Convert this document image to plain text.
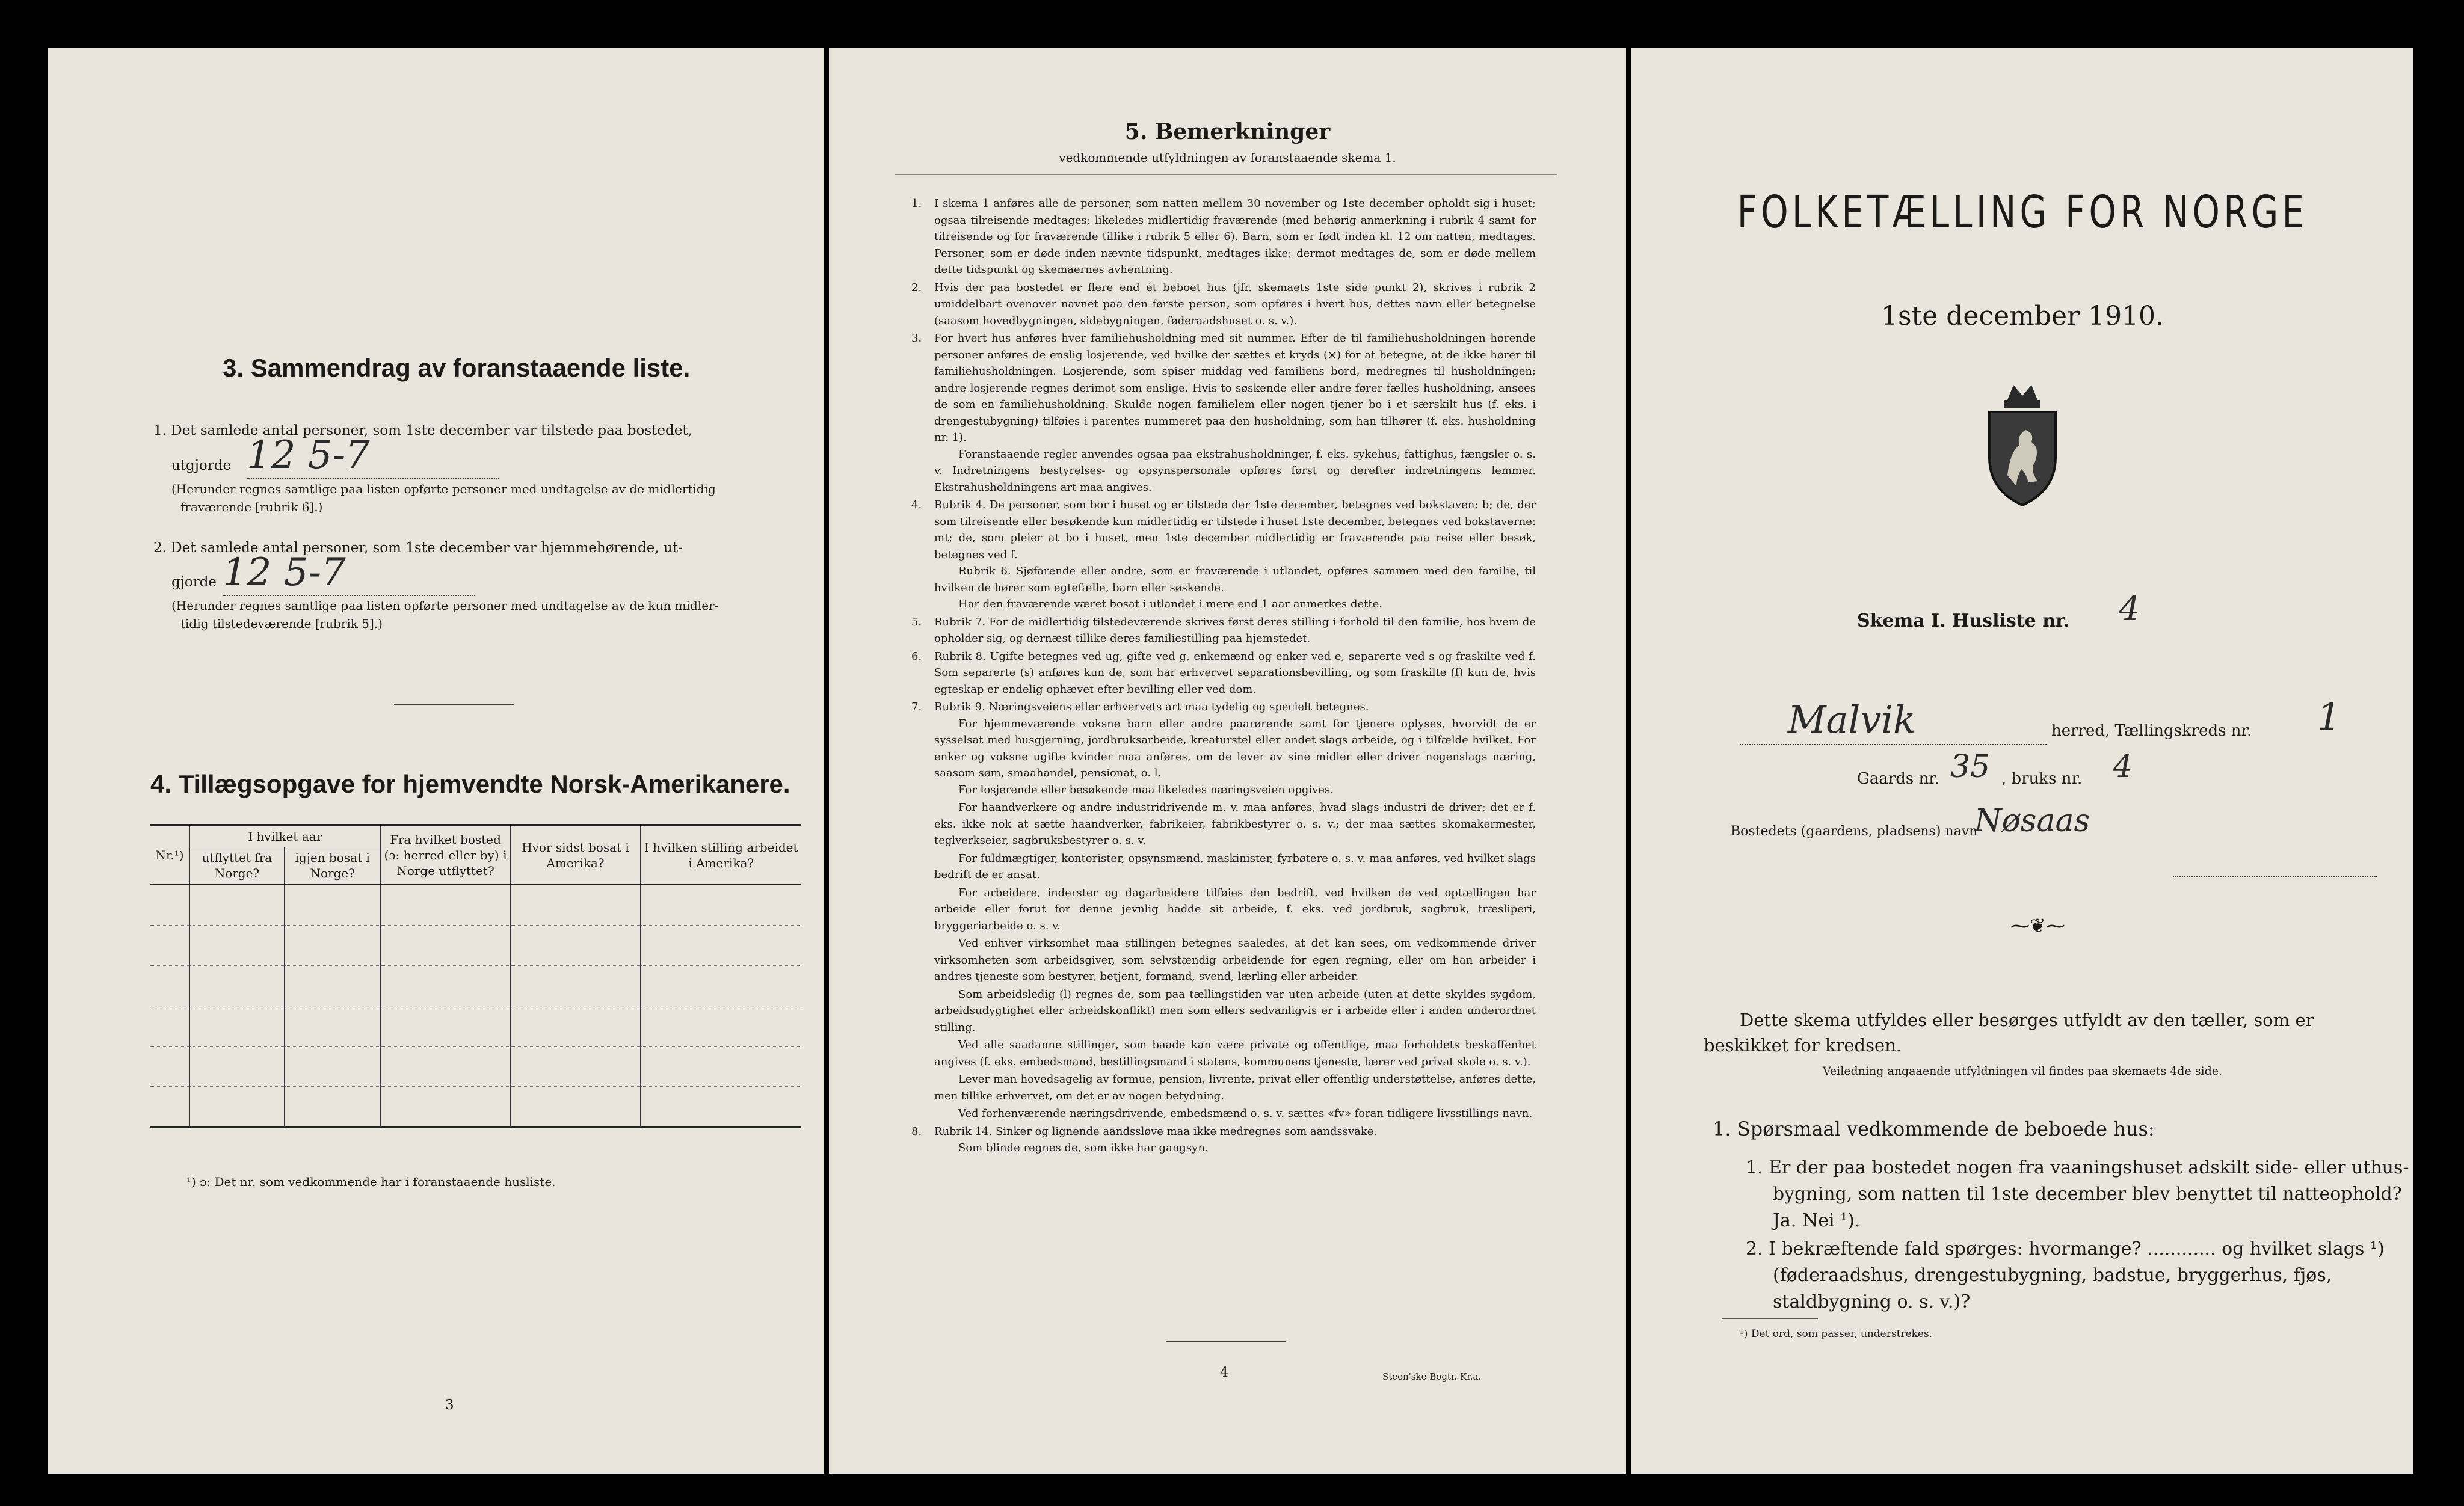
3. Sammendrag av foranstaaende liste.
1. Det samlede antal personer, som 1ste december var tilstede paa bostedet,
utgjorde 12 5-7
(Herunder regnes samtlige paa listen opførte personer med undtagelse av de midlertidig
fraværende [rubrik 6].)
2. Det samlede antal personer, som 1ste december var hjemmehørende, ut-
gjorde 12 5-7
(Herunder regnes samtlige paa listen opførte personer med undtagelse av de kun midler-
tidig tilstedeværende [rubrik 5].)
4. Tillægsopgave for hjemvendte Norsk-Amerikanere.
Nr.¹)	I hvilket aar		Fra hvilket bosted (ɔ: herred eller by) i Norge utflyttet?	Hvor sidst bosat i Amerika?	I hvilken stilling arbeidet i Amerika?
	utflyttet fra Norge?	igjen bosat i Norge?			

¹) ɔ: Det nr. som vedkommende har i foranstaaende husliste.
3
5. Bemerkninger
vedkommende utfyldningen av foranstaaende skema 1.
1. I skema 1 anføres alle de personer, som natten mellem 30 november og 1ste december opholdt sig i huset; ogsaa tilreisende medtages; likeledes midlertidig fraværende (med behørig anmerkning i rubrik 4 samt for tilreisende og for fraværende tillike i rubrik 5 eller 6). Barn, som er født inden kl. 12 om natten, medtages. Personer, som er døde inden nævnte tidspunkt, medtages ikke; dermot medtages de, som er døde mellem dette tidspunkt og skemaernes avhentning.

2. Hvis der paa bostedet er flere end ét beboet hus (jfr. skemaets 1ste side punkt 2), skrives i rubrik 2 umiddelbart ovenover navnet paa den første person, som opføres i hvert hus, dettes navn eller betegnelse (saasom hovedbygningen, sidebygningen, føderaadshuset o. s. v.).

3. For hvert hus anføres hver familiehusholdning med sit nummer. Efter de til familiehusholdningen hørende personer anføres de enslig losjerende, ved hvilke der sættes et kryds (×) for at betegne, at de ikke hører til familiehusholdningen. Losjerende, som spiser middag ved familiens bord, medregnes til husholdningen; andre losjerende regnes derimot som enslige. Hvis to søskende eller andre fører fælles husholdning, ansees de som en familiehusholdning. Skulde nogen familielem eller nogen tjener bo i et særskilt hus (f. eks. i drengestubygning) tilføies i parentes nummeret paa den husholdning, som han tilhører (f. eks. husholdning nr. 1).

Foranstaaende regler anvendes ogsaa paa ekstrahusholdninger, f. eks. sykehus, fattighus, fængsler o. s. v. Indretningens bestyrelses- og opsynspersonale opføres først og derefter indretningens lemmer. Ekstrahusholdningens art maa angives.

4. Rubrik 4. De personer, som bor i huset og er tilstede der 1ste december, betegnes ved bokstaven: b; de, der som tilreisende eller besøkende kun midlertidig er tilstede i huset 1ste december, betegnes ved bokstaverne: mt; de, som pleier at bo i huset, men 1ste december midlertidig er fraværende paa reise eller besøk, betegnes ved f.

Rubrik 6. Sjøfarende eller andre, som er fraværende i utlandet, opføres sammen med den familie, til hvilken de hører som egtefælle, barn eller søskende.

Har den fraværende været bosat i utlandet i mere end 1 aar anmerkes dette.

5. Rubrik 7. For de midlertidig tilstedeværende skrives først deres stilling i forhold til den familie, hos hvem de opholder sig, og dernæst tillike deres familiestilling paa hjemstedet.

6. Rubrik 8. Ugifte betegnes ved ug, gifte ved g, enkemænd og enker ved e, separerte ved s og fraskilte ved f. Som separerte (s) anføres kun de, som har erhvervet separationsbevilling, og som fraskilte (f) kun de, hvis egteskap er endelig ophævet efter bevilling eller ved dom.

7. Rubrik 9. Næringsveiens eller erhvervets art maa tydelig og specielt betegnes.

For hjemmeværende voksne barn eller andre paarørende samt for tjenere oplyses, hvorvidt de er sysselsat med husgjerning, jordbruksarbeide, kreaturstel eller andet slags arbeide, og i tilfælde hvilket. For enker og voksne ugifte kvinder maa anføres, om de lever av sine midler eller driver nogenslags næring, saasom søm, smaahandel, pensionat, o. l.

For losjerende eller besøkende maa likeledes næringsveien opgives.

For haandverkere og andre industridrivende m. v. maa anføres, hvad slags industri de driver; det er f. eks. ikke nok at sætte haandverker, fabrikeier, fabrikbestyrer o. s. v.; der maa sættes skomakermester, teglverkseier, sagbruksbestyrer o. s. v.

For fuldmægtiger, kontorister, opsynsmænd, maskinister, fyrbøtere o. s. v. maa anføres, ved hvilket slags bedrift de er ansat.

For arbeidere, inderster og dagarbeidere tilføies den bedrift, ved hvilken de ved optællingen har arbeide eller forut for denne jevnlig hadde sit arbeide, f. eks. ved jordbruk, sagbruk, træsliperi, bryggeriarbeide o. s. v.

Ved enhver virksomhet maa stillingen betegnes saaledes, at det kan sees, om vedkommende driver virksomheten som arbeidsgiver, som selvstændig arbeidende for egen regning, eller om han arbeider i andres tjeneste som bestyrer, betjent, formand, svend, lærling eller arbeider.

Som arbeidsledig (l) regnes de, som paa tællingstiden var uten arbeide (uten at dette skyldes sygdom, arbeidsudygtighet eller arbeidskonflikt) men som ellers sedvanligvis er i arbeide eller i anden underordnet stilling.

Ved alle saadanne stillinger, som baade kan være private og offentlige, maa forholdets beskaffenhet angives (f. eks. embedsmand, bestillingsmand i statens, kommunens tjeneste, lærer ved privat skole o. s. v.).

Lever man hovedsagelig av formue, pension, livrente, privat eller offentlig understøttelse, anføres dette, men tillike erhvervet, om det er av nogen betydning.

Ved forhenværende næringsdrivende, embedsmænd o. s. v. sættes «fv» foran tidligere livsstillings navn.

8. Rubrik 14. Sinker og lignende aandssløve maa ikke medregnes som aandssvake.

Som blinde regnes de, som ikke har gangsyn.

4	Steen'ske Bogtr. Kr.a.
FOLKETÆLLING FOR NORGE
1ste december 1910.
Skema I. Husliste nr. 4
Malvik	herred, Tællingskreds nr. 1
Gaards nr. 35 , bruks nr. 4
Bostedets (gaardens, pladsens) navn
Nøsaas
⁓❦⁓
Dette skema utfyldes eller besørges utfyldt av den tæller, som er beskikket for kredsen.
Veiledning angaaende utfyldningen vil findes paa skemaets 4de side.
1. Spørsmaal vedkommende de beboede hus:
1. Er der paa bostedet nogen fra vaaningshuset adskilt side- eller uthus-bygning, som natten til 1ste december blev benyttet til natteophold? Ja. Nei ¹).
2. I bekræftende fald spørges: hvormange? ............ og hvilket slags ¹) (føderaadshus, drengestubygning, badstue, bryggerhus, fjøs, staldbygning o. s. v.)?
¹) Det ord, som passer, understrekes.
